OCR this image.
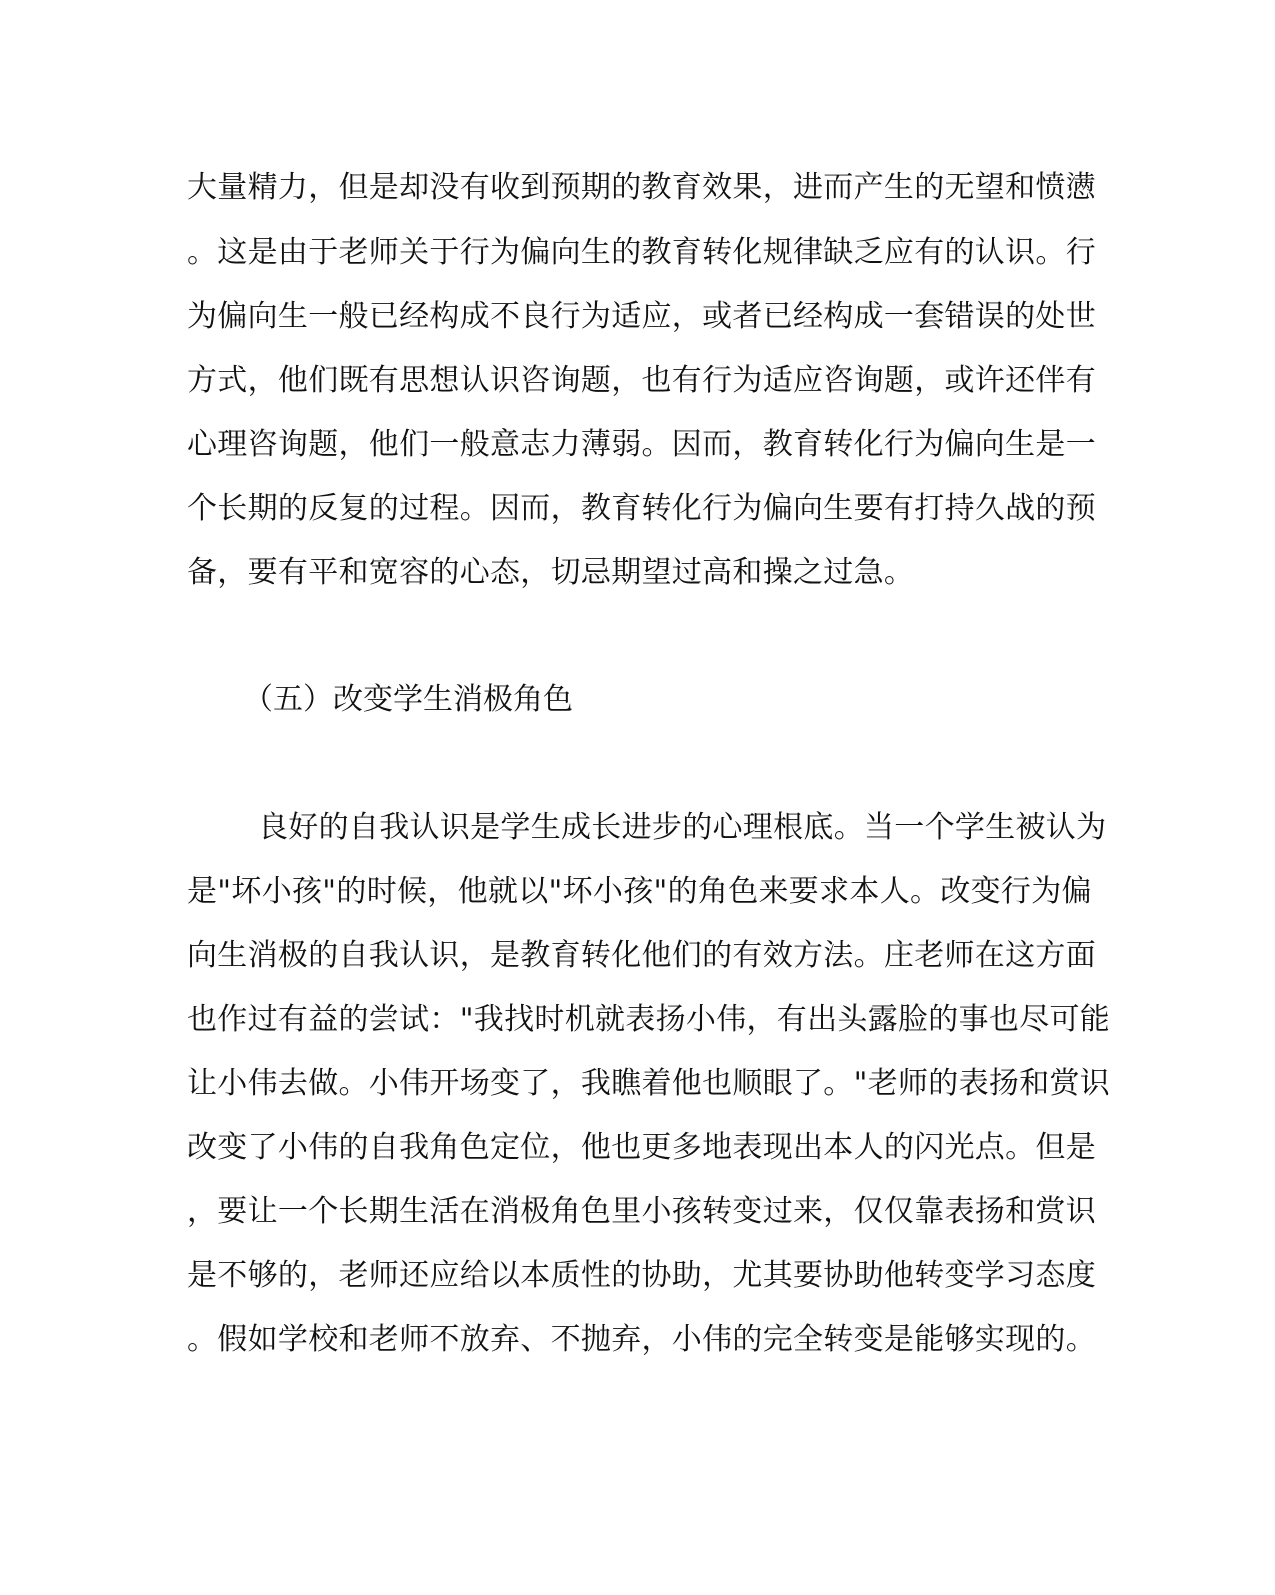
大量精力，但是却没有收到预期的教育效果，进而产生的无望和愤懑
。这是由于老师关于行为偏向生的教育转化规律缺乏应有的认识。行
为偏向生一般已经构成不良行为适应，或者已经构成一套错误的处世
方式，他们既有思想认识咨询题，也有行为适应咨询题，或许还伴有
心理咨询题，他们一般意志力薄弱。因而，教育转化行为偏向生是一
个长期的反复的过程。因而，教育转化行为偏向生要有打持久战的预
备，要有平和宽容的心态，切忌期望过高和操之过急。
（五）改变学生消极角色
良好的自我认识是学生成长进步的心理根底。当一个学生被认为
是"坏小孩"的时候，他就以"坏小孩"的角色来要求本人。改变行为偏
向生消极的自我认识，是教育转化他们的有效方法。庄老师在这方面
也作过有益的尝试："我找时机就表扬小伟，有出头露脸的事也尽可能
让小伟去做。小伟开场变了，我瞧着他也顺眼了。"老师的表扬和赏识
改变了小伟的自我角色定位，他也更多地表现出本人的闪光点。但是
，要让一个长期生活在消极角色里小孩转变过来，仅仅靠表扬和赏识
是不够的，老师还应给以本质性的协助，尤其要协助他转变学习态度
。假如学校和老师不放弃、不抛弃，小伟的完全转变是能够实现的。
